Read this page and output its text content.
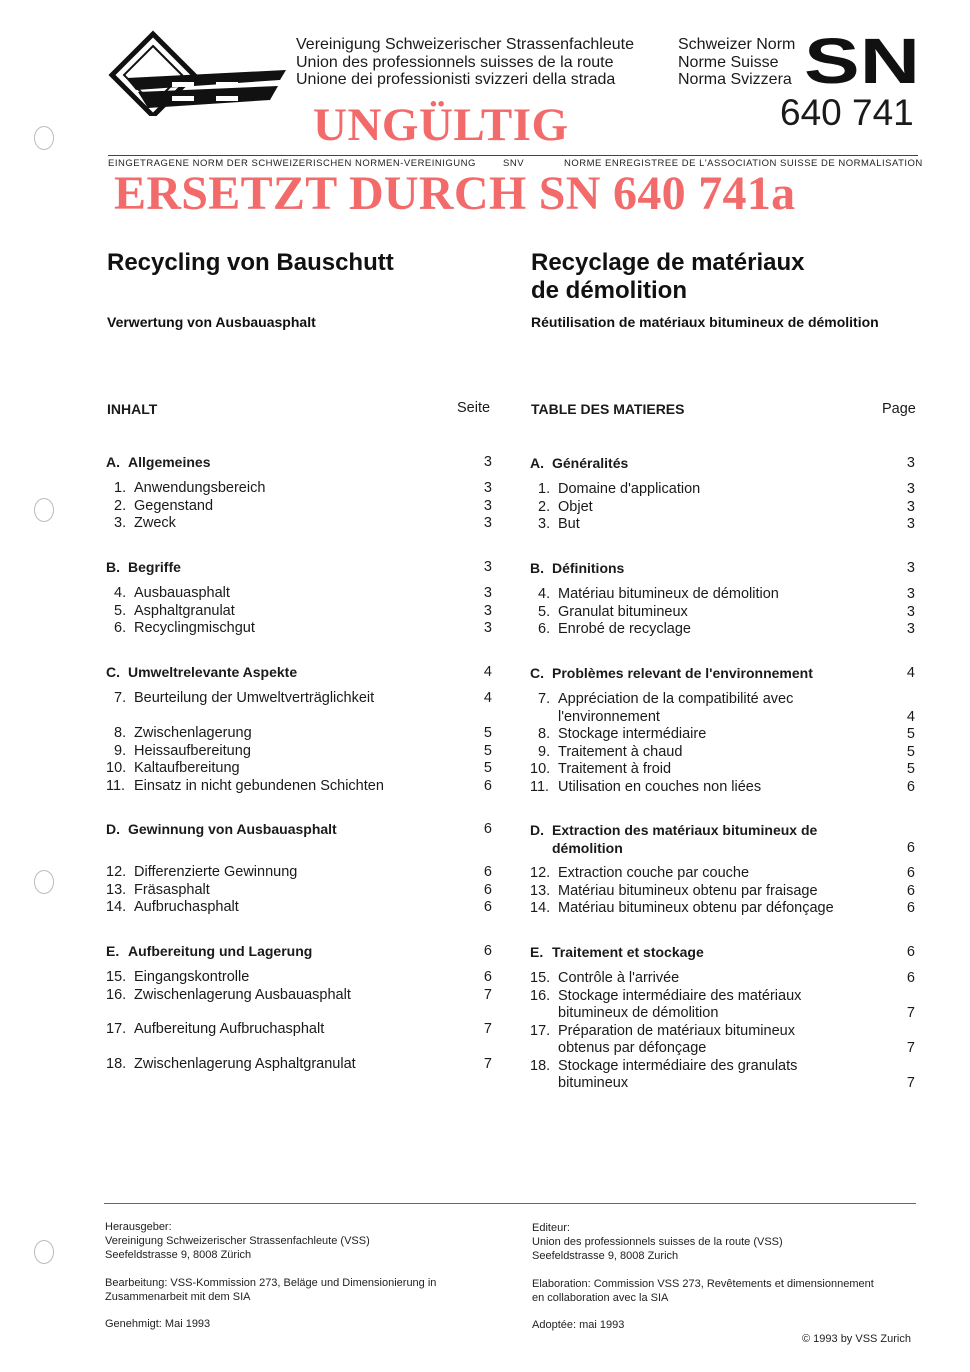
Vereinigung Schweizerischer Strassenfachleute
Union des professionnels suisses de la route
Unione dei professionisti svizzeri della strada
Schweizer Norm
Norme Suisse
Norma Svizzera SN
640 741
UNGÜLTIG
EINGETRAGENE NORM DER SCHWEIZERISCHEN NORMEN-VEREINIGUNG	SNV	NORME ENREGISTREE DE L'ASSOCIATION SUISSE DE NORMALISATION
ERSETZT DURCH SN 640 741a
Recycling von Bauschutt
Verwertung von Ausbauasphalt
Recyclage de matériaux
de démolition
Réutilisation de matériaux bitumineux de démolition
INHALT	Seite
A. Allgemeines	3
1. Anwendungsbereich	3
2. Gegenstand	3
3. Zweck	3
B. Begriffe	3
4. Ausbauasphalt	3
5. Asphaltgranulat	3
6. Recyclingmischgut	3
C. Umweltrelevante Aspekte	4
7. Beurteilung der Umweltverträglichkeit	4
8. Zwischenlagerung	5
9. Heissaufbereitung	5
10. Kaltaufbereitung	5
11. Einsatz in nicht gebundenen Schichten	6
D. Gewinnung von Ausbauasphalt	6
12. Differenzierte Gewinnung	6
13. Fräsasphalt	6
14. Aufbruchasphalt	6
E. Aufbereitung und Lagerung	6
15. Eingangskontrolle	6
16. Zwischenlagerung Ausbauasphalt	7
17. Aufbereitung Aufbruchasphalt	7
18. Zwischenlagerung Asphaltgranulat	7
TABLE DES MATIERES	Page
A. Généralités	3
1. Domaine d'application	3
2. Objet	3
3. But	3
B. Définitions	3
4. Matériau bitumineux de démolition	3
5. Granulat bitumineux	3
6. Enrobé de recyclage	3
C. Problèmes relevant de l'environnement	4
7. Appréciation de la compatibilité avec
l'environnement	4
8. Stockage intermédiaire	5
9. Traitement à chaud	5
10. Traitement à froid	5
11. Utilisation en couches non liées	6
D. Extraction des matériaux bitumineux de
démolition	6
12. Extraction couche par couche	6
13. Matériau bitumineux obtenu par fraisage	6
14. Matériau bitumineux obtenu par défonçage	6
E. Traitement et stockage	6
15. Contrôle à l'arrivée	6
16. Stockage intermédiaire des matériaux
bitumineux de démolition	7
17. Préparation de matériaux bitumineux
obtenus par défonçage	7
18. Stockage intermédiaire des granulats
bitumineux	7
Herausgeber:
Vereinigung Schweizerischer Strassenfachleute (VSS)
Seefeldstrasse 9, 8008 Zürich
Bearbeitung: VSS-Kommission 273, Beläge und Dimensionierung in
Zusammenarbeit mit dem SIA
Genehmigt: Mai 1993
Editeur:
Union des professionnels suisses de la route (VSS)
Seefeldstrasse 9, 8008 Zurich
Elaboration: Commission VSS 273, Revêtements et dimensionnement
en collaboration avec la SIA
Adoptée: mai 1993
© 1993 by VSS Zurich
